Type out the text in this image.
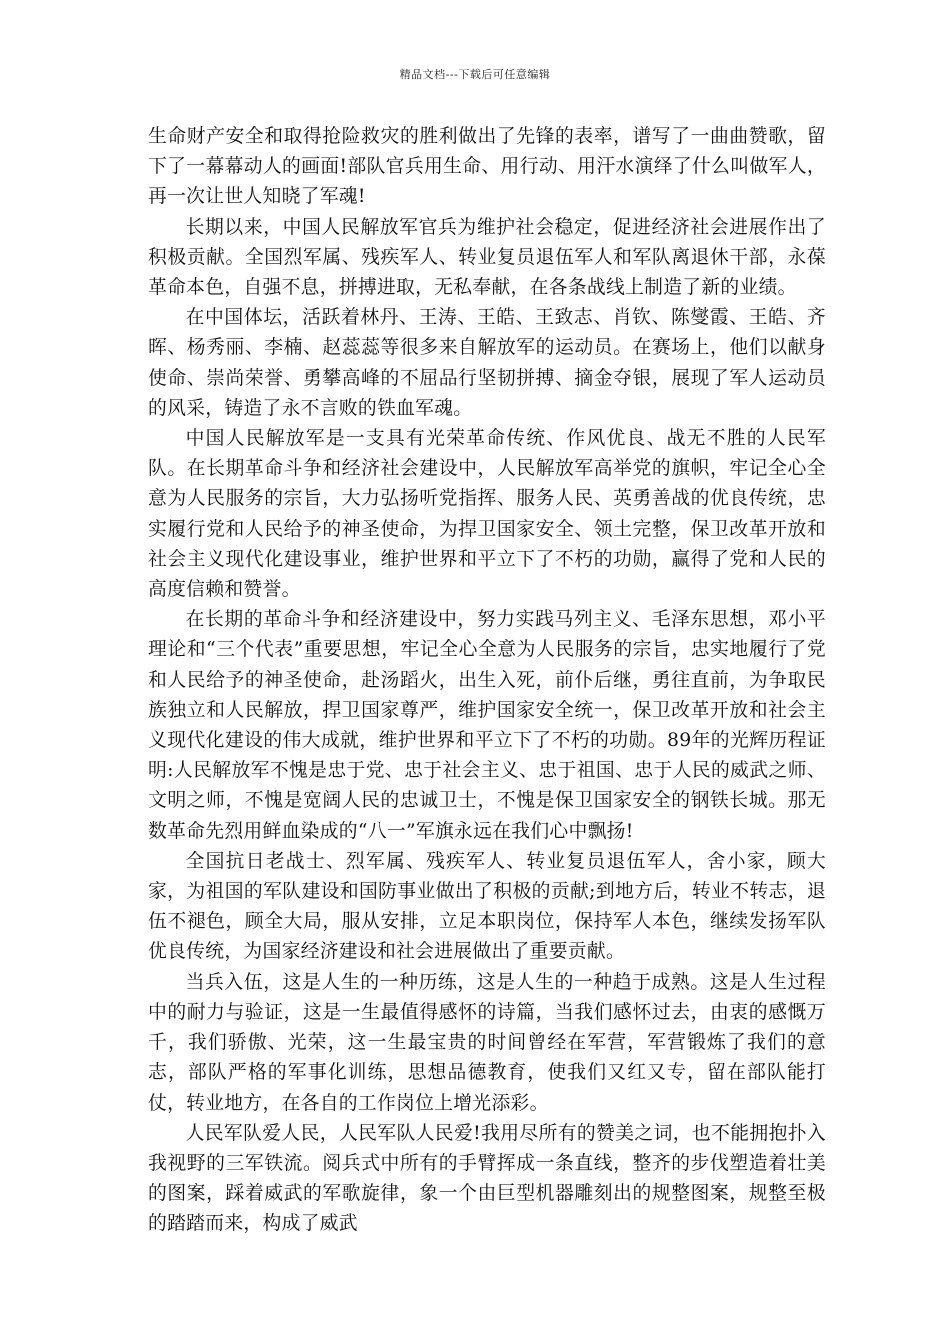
精品文档---下载后可任意编辑

生命财产安全和取得抢险救灾的胜利做出了先锋的表率，谱写了一曲曲赞歌，留下了一幕幕动人的画面!部队官兵用生命、用行动、用汗水演绎了什么叫做军人，再一次让世人知晓了军魂!

长期以来，中国人民解放军官兵为维护社会稳定，促进经济社会进展作出了积极贡献。全国烈军属、残疾军人、转业复员退伍军人和军队离退休干部，永葆革命本色，自强不息，拼搏进取，无私奉献，在各条战线上制造了新的业绩。

在中国体坛，活跃着林丹、王涛、王皓、王致志、肖钦、陈燮霞、王皓、齐晖、杨秀丽、李楠、赵蕊蕊等很多来自解放军的运动员。在赛场上，他们以献身使命、崇尚荣誉、勇攀高峰的不屈品行坚韧拼搏、摘金夺银，展现了军人运动员的风采，铸造了永不言败的铁血军魂。

中国人民解放军是一支具有光荣革命传统、作风优良、战无不胜的人民军队。在长期革命斗争和经济社会建设中，人民解放军高举党的旗帜，牢记全心全意为人民服务的宗旨，大力弘扬听党指挥、服务人民、英勇善战的优良传统，忠实履行党和人民给予的神圣使命，为捍卫国家安全、领土完整，保卫改革开放和社会主义现代化建设事业，维护世界和平立下了不朽的功勋，赢得了党和人民的高度信赖和赞誉。

在长期的革命斗争和经济建设中，努力实践马列主义、毛泽东思想，邓小平理论和“三个代表”重要思想，牢记全心全意为人民服务的宗旨，忠实地履行了党和人民给予的神圣使命，赴汤蹈火，出生入死，前仆后继，勇往直前，为争取民族独立和人民解放，捍卫国家尊严，维护国家安全统一，保卫改革开放和社会主义现代化建设的伟大成就，维护世界和平立下了不朽的功勋。89年的光辉历程证明:人民解放军不愧是忠于党、忠于社会主义、忠于祖国、忠于人民的威武之师、文明之师，不愧是宽阔人民的忠诚卫士，不愧是保卫国家安全的钢铁长城。那无数革命先烈用鲜血染成的“八一”军旗永远在我们心中飘扬!

全国抗日老战士、烈军属、残疾军人、转业复员退伍军人，舍小家，顾大家，为祖国的军队建设和国防事业做出了积极的贡献;到地方后，转业不转志，退伍不褪色，顾全大局，服从安排，立足本职岗位，保持军人本色，继续发扬军队优良传统，为国家经济建设和社会进展做出了重要贡献。

当兵入伍，这是人生的一种历练，这是人生的一种趋于成熟。这是人生过程中的耐力与验证，这是一生最值得感怀的诗篇，当我们感怀过去，由衷的感慨万千，我们骄傲、光荣，这一生最宝贵的时间曾经在军营，军营锻炼了我们的意志，部队严格的军事化训练，思想品德教育，使我们又红又专，留在部队能打仗，转业地方，在各自的工作岗位上增光添彩。

人民军队爱人民，人民军队人民爱!我用尽所有的赞美之词，也不能拥抱扑入我视野的三军铁流。阅兵式中所有的手臂挥成一条直线，整齐的步伐塑造着壮美的图案，踩着威武的军歌旋律，象一个由巨型机器雕刻出的规整图案，规整至极的踏踏而来，构成了威武
